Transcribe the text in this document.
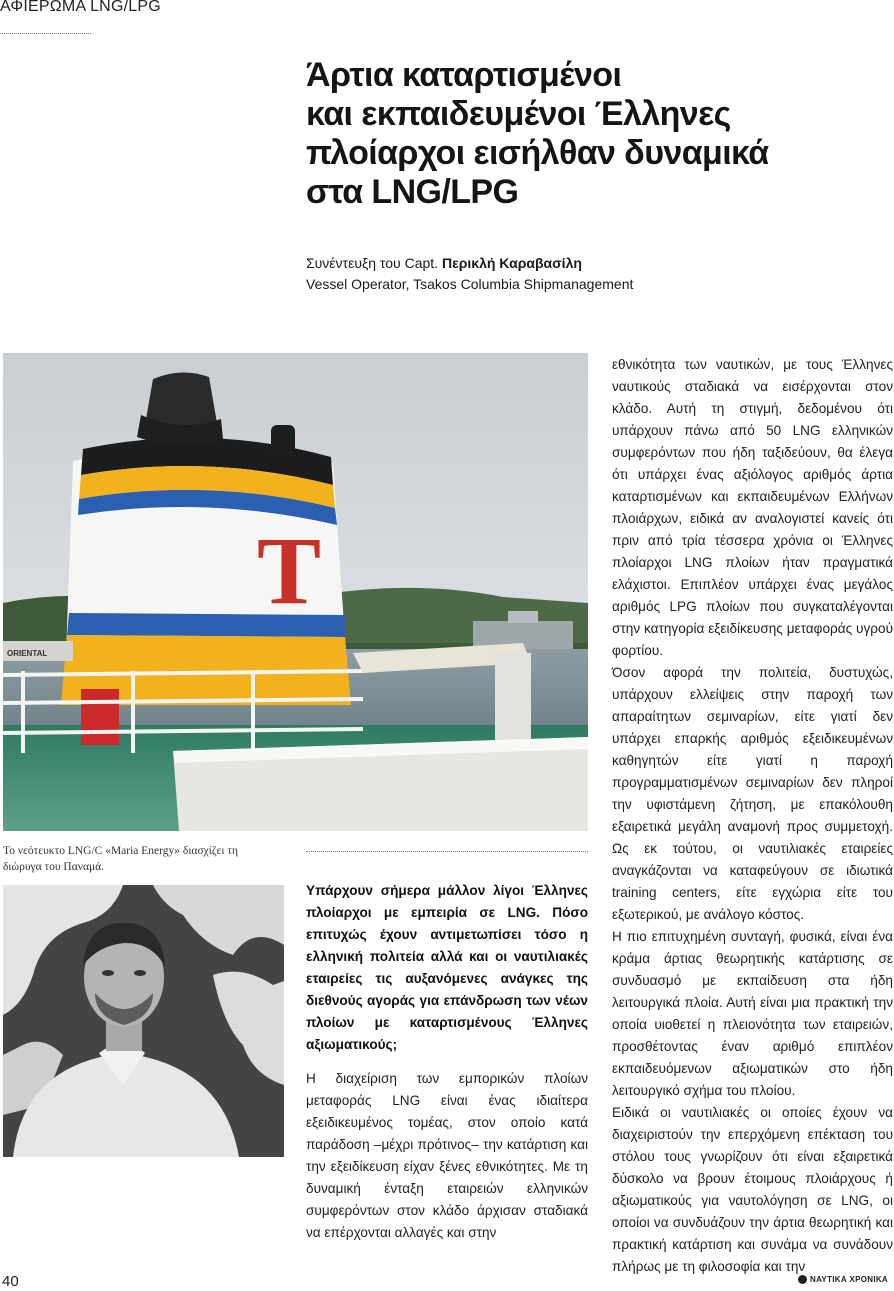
ΑΦΙΕΡΩΜΑ LNG/LPG
Άρτια καταρτισμένοι
και εκπαιδευμένοι Έλληνες
πλοίαρχοι εισήλθαν δυναμικά
στα LNG/LPG
Συνέντευξη του Capt. Περικλή Καραβασίλη
Vessel Operator, Tsakos Columbia Shipmanagement
T
ORIENTAL
Το νεότευκτο LNG/C «Maria Energy» διασχίζει τη διώρυγα του Παναμά.

Υπάρχουν σήμερα μάλλον λίγοι Έλληνες πλοίαρχοι με εμπειρία σε LNG. Πόσο επιτυχώς έχουν αντιμετωπίσει τόσο η ελληνική πολιτεία αλλά και οι ναυτιλιακές εταιρείες τις αυξανόμενες ανάγκες της διεθνούς αγοράς για επάνδρωση των νέων πλοίων με καταρτισμένους Έλληνες αξιωματικούς;

Η διαχείριση των εμπορικών πλοίων μεταφοράς LNG είναι ένας ιδιαίτερα εξειδικευμένος τομέας, στον οποίο κατά παράδοση –μέχρι πρότινος– την κατάρτιση και την εξειδίκευση είχαν ξένες εθνικότητες. Με τη δυναμική ένταξη εταιρειών ελληνικών συμφερόντων στον κλάδο άρχισαν σταδιακά να επέρχονται αλλαγές και στην

εθνικότητα των ναυτικών, με τους Έλληνες ναυτικούς σταδιακά να εισέρχονται στον κλάδο. Αυτή τη στιγμή, δεδομένου ότι υπάρχουν πάνω από 50 LNG ελληνικών συμφερόντων που ήδη ταξιδεύουν, θα έλεγα ότι υπάρχει ένας αξιόλογος αριθμός άρτια καταρτισμένων και εκπαιδευμένων Ελλήνων πλοιάρχων, ειδικά αν αναλογιστεί κανείς ότι πριν από τρία τέσσερα χρόνια οι Έλληνες πλοίαρχοι LNG πλοίων ήταν πραγματικά ελάχιστοι. Επιπλέον υπάρχει ένας μεγάλος αριθμός LPG πλοίων που συγκαταλέγονται στην κατηγορία εξειδίκευσης μεταφοράς υγρού φορτίου.

Όσον αφορά την πολιτεία, δυστυχώς, υπάρχουν ελλείψεις στην παροχή των απαραίτητων σεμιναρίων, είτε γιατί δεν υπάρχει επαρκής αριθμός εξειδικευμένων καθηγητών είτε γιατί η παροχή προγραμματισμένων σεμιναρίων δεν πληροί την υφιστάμενη ζήτηση, με επακόλουθη εξαιρετικά μεγάλη αναμονή προς συμμετοχή. Ως εκ τούτου, οι ναυτιλιακές εταιρείες αναγκάζονται να καταφεύγουν σε ιδιωτικά training centers, είτε εγχώρια είτε του εξωτερικού, με ανάλογο κόστος.

Η πιο επιτυχημένη συνταγή, φυσικά, είναι ένα κράμα άρτιας θεωρητικής κατάρτισης σε συνδυασμό με εκπαίδευση στα ήδη λειτουργικά πλοία. Αυτή είναι μια πρακτική την οποία υιοθετεί η πλειονότητα των εταιρειών, προσθέτοντας έναν αριθμό επιπλέον εκπαιδευόμενων αξιωματικών στο ήδη λειτουργικό σχήμα του πλοίου.

Ειδικά οι ναυτιλιακές οι οποίες έχουν να διαχειριστούν την επερχόμενη επέκταση του στόλου τους γνωρίζουν ότι είναι εξαιρετικά δύσκολο να βρουν έτοιμους πλοιάρχους ή αξιωματικούς για ναυτολόγηση σε LNG, οι οποίοι να συνδυάζουν την άρτια θεωρητική και πρακτική κατάρτιση και συνάμα να συνάδουν πλήρως με τη φιλοσοφία και την

40	ΝΑΥΤΙΚΑ ΧΡΟΝΙΚΑ
